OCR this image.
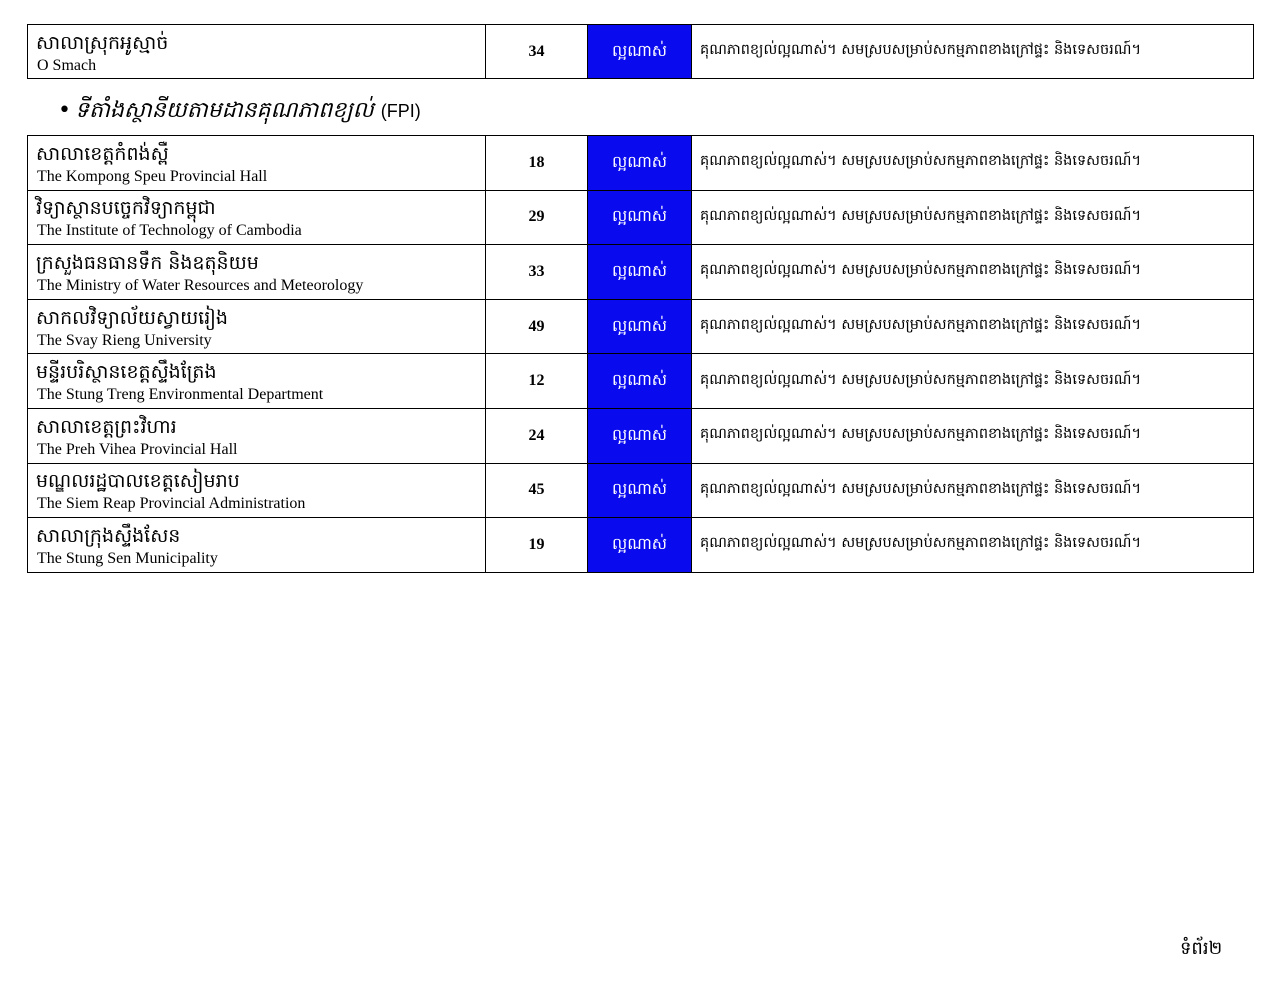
សាលាស្រុកអូស្មាច់
O Smach
	34	ល្អណាស់	គុណភាពខ្យល់ល្អណាស់។ សមស្របសម្រាប់សកម្មភាពខាងក្រៅផ្ទះ និងទេសចរណ៍។
• ទីតាំងស្ថានីយតាមដានគុណភាពខ្យល់ (FPI)
សាលាខេត្តកំពង់ស្ពឺ
The Kompong Speu Provincial Hall	18	ល្អណាស់	គុណភាពខ្យល់ល្អណាស់។ សមស្របសម្រាប់សកម្មភាពខាងក្រៅផ្ទះ និងទេសចរណ៍។

វិទ្យាស្ថានបច្ចេកវិទ្យាកម្ពុជា
The Institute of Technology of Cambodia	29	ល្អណាស់	គុណភាពខ្យល់ល្អណាស់។ សមស្របសម្រាប់សកម្មភាពខាងក្រៅផ្ទះ និងទេសចរណ៍។

ក្រសួងធនធានទឹក និងឧតុនិយម
The Ministry of Water Resources and Meteorology	33	ល្អណាស់	គុណភាពខ្យល់ល្អណាស់។ សមស្របសម្រាប់សកម្មភាពខាងក្រៅផ្ទះ និងទេសចរណ៍។

សាកលវិទ្យាល័យស្វាយរៀង
The Svay Rieng University	49	ល្អណាស់	គុណភាពខ្យល់ល្អណាស់។ សមស្របសម្រាប់សកម្មភាពខាងក្រៅផ្ទះ និងទេសចរណ៍។

មន្ទីរបរិស្ថានខេត្តស្ទឹងត្រែង
The Stung Treng Environmental Department	12	ល្អណាស់	គុណភាពខ្យល់ល្អណាស់។ សមស្របសម្រាប់សកម្មភាពខាងក្រៅផ្ទះ និងទេសចរណ៍។

សាលាខេត្តព្រះវិហារ
The Preh Vihea Provincial Hall	24	ល្អណាស់	គុណភាពខ្យល់ល្អណាស់។ សមស្របសម្រាប់សកម្មភាពខាងក្រៅផ្ទះ និងទេសចរណ៍។

មណ្ឌលរដ្ឋបាលខេត្តសៀមរាប
The Siem Reap Provincial Administration	45	ល្អណាស់	គុណភាពខ្យល់ល្អណាស់។ សមស្របសម្រាប់សកម្មភាពខាងក្រៅផ្ទះ និងទេសចរណ៍។

សាលាក្រុងស្ទឹងសែន
The Stung Sen Municipality	19	ល្អណាស់	គុណភាពខ្យល់ល្អណាស់។ សមស្របសម្រាប់សកម្មភាពខាងក្រៅផ្ទះ និងទេសចរណ៍។
ទំព័រ២
